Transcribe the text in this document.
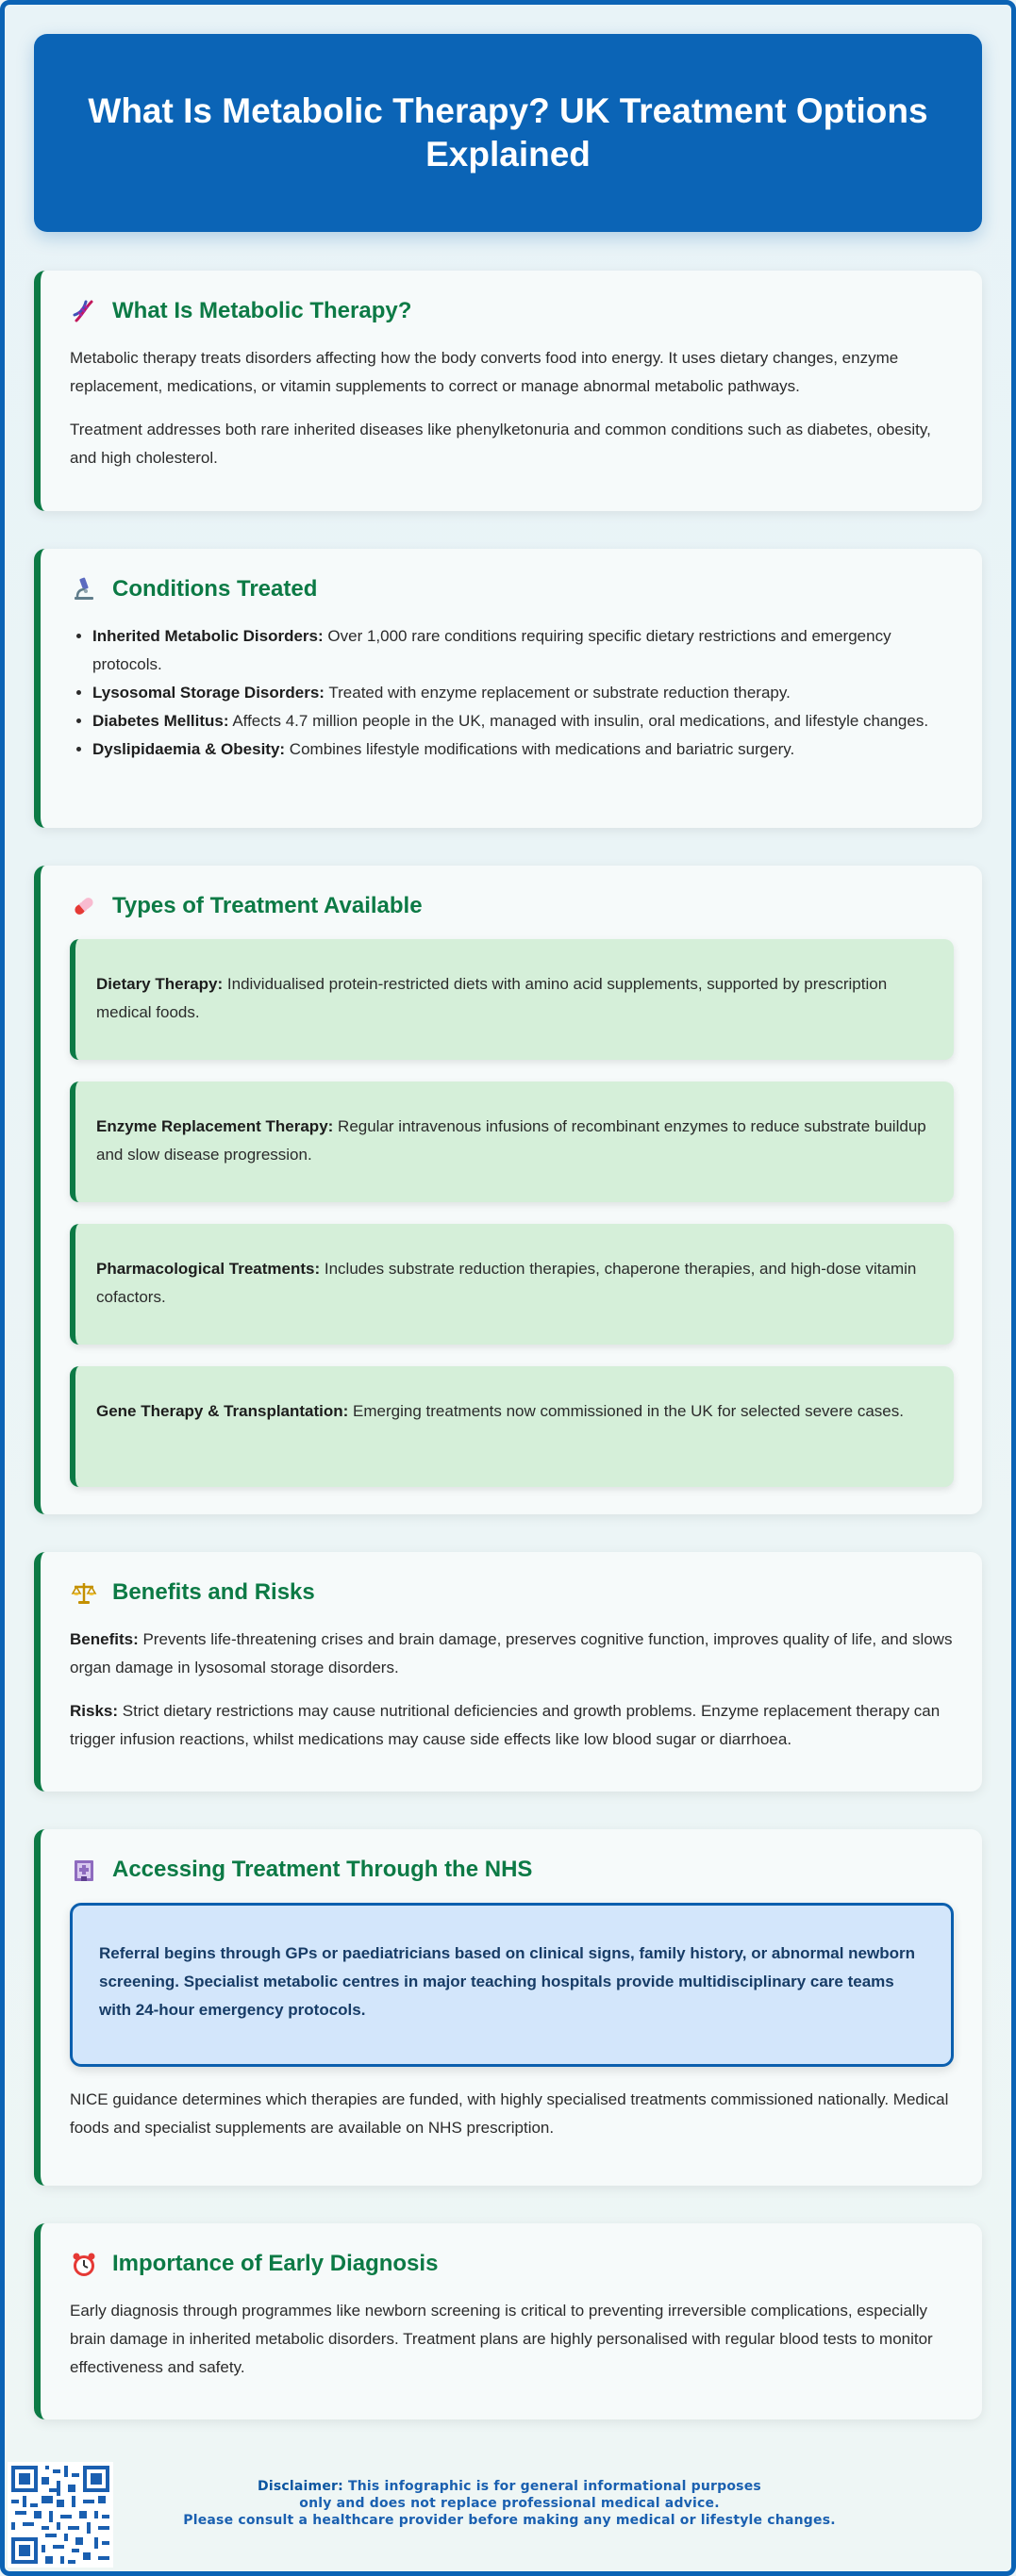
What Is Metabolic Therapy? UK Treatment Options Explained
What Is Metabolic Therapy?

Metabolic therapy treats disorders affecting how the body converts food into energy. It uses dietary changes, enzyme replacement, medications, or vitamin supplements to correct or manage abnormal metabolic pathways.

Treatment addresses both rare inherited diseases like phenylketonuria and common conditions such as diabetes, obesity, and high cholesterol.

Conditions Treated
• Inherited Metabolic Disorders: Over 1,000 rare conditions requiring specific dietary restrictions and emergency protocols.
• Lysosomal Storage Disorders: Treated with enzyme replacement or substrate reduction therapy.
• Diabetes Mellitus: Affects 4.7 million people in the UK, managed with insulin, oral medications, and lifestyle changes.
• Dyslipidaemia & Obesity: Combines lifestyle modifications with medications and bariatric surgery.
Types of Treatment Available
Dietary Therapy: Individualised protein-restricted diets with amino acid supplements, supported by prescription medical foods.
Enzyme Replacement Therapy: Regular intravenous infusions of recombinant enzymes to reduce substrate buildup and slow disease progression.
Pharmacological Treatments: Includes substrate reduction therapies, chaperone therapies, and high-dose vitamin cofactors.
Gene Therapy & Transplantation: Emerging treatments now commissioned in the UK for selected severe cases.
Benefits and Risks

Benefits: Prevents life-threatening crises and brain damage, preserves cognitive function, improves quality of life, and slows organ damage in lysosomal storage disorders.

Risks: Strict dietary restrictions may cause nutritional deficiencies and growth problems. Enzyme replacement therapy can trigger infusion reactions, whilst medications may cause side effects like low blood sugar or diarrhoea.

Accessing Treatment Through the NHS
Referral begins through GPs or paediatricians based on clinical signs, family history, or abnormal newborn screening. Specialist metabolic centres in major teaching hospitals provide multidisciplinary care teams with 24-hour emergency protocols.

NICE guidance determines which therapies are funded, with highly specialised treatments commissioned nationally. Medical foods and specialist supplements are available on NHS prescription.

Importance of Early Diagnosis

Early diagnosis through programmes like newborn screening is critical to preventing irreversible complications, especially brain damage in inherited metabolic disorders. Treatment plans are highly personalised with regular blood tests to monitor effectiveness and safety.

Disclaimer: This infographic is for general informational purposes
only and does not replace professional medical advice.
Please consult a healthcare provider before making any medical or lifestyle changes.
